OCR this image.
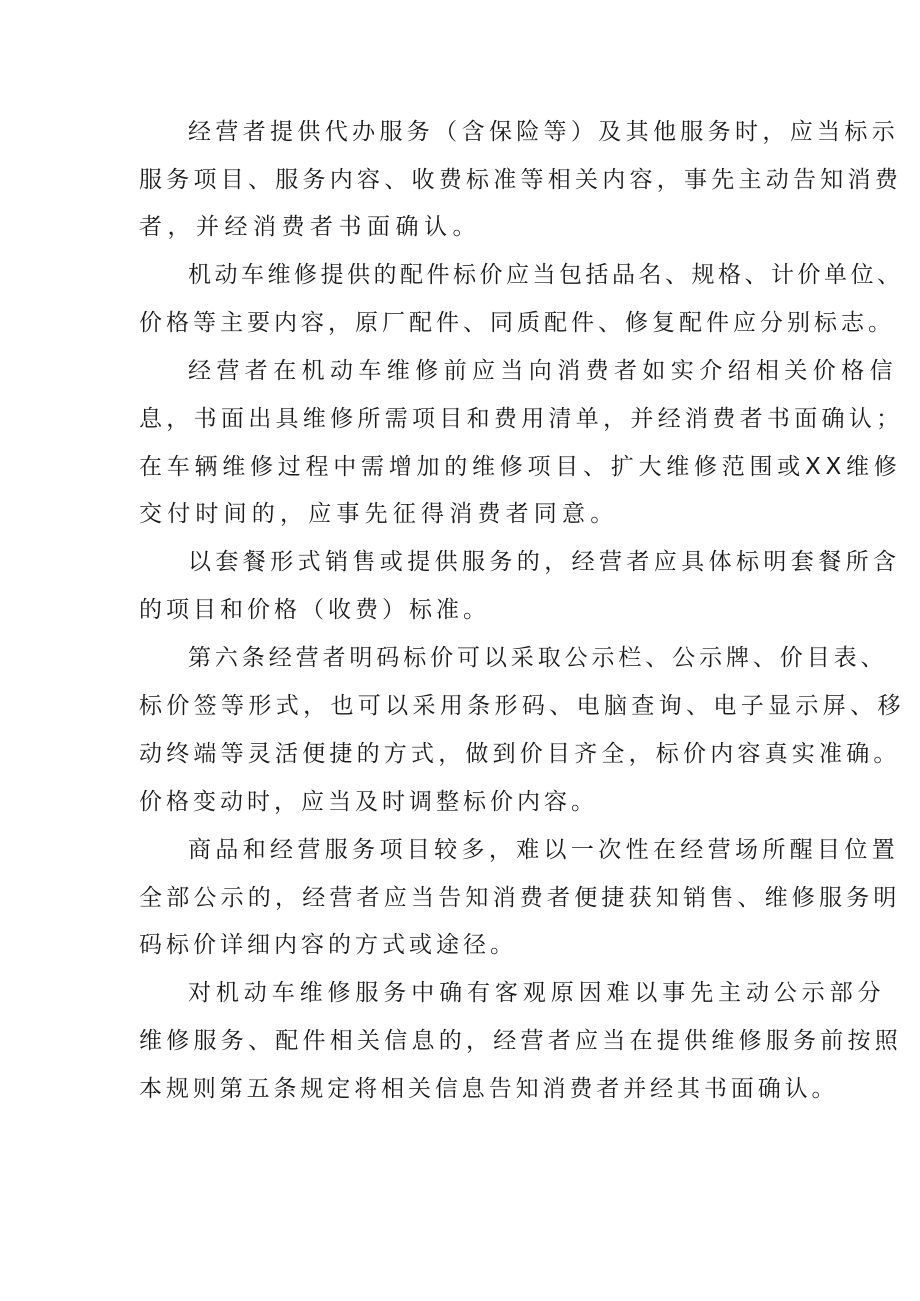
经营者提供代办服务（含保险等）及其他服务时，应当标示
服务项目、服务内容、收费标准等相关内容，事先主动告知消费
者，并经消费者书面确认。
机动车维修提供的配件标价应当包括品名、规格、计价单位、
价格等主要内容，原厂配件、同质配件、修复配件应分别标志。
经营者在机动车维修前应当向消费者如实介绍相关价格信
息，书面出具维修所需项目和费用清单，并经消费者书面确认；
在车辆维修过程中需增加的维修项目、扩大维修范围或XX维修
交付时间的，应事先征得消费者同意。
以套餐形式销售或提供服务的，经营者应具体标明套餐所含
的项目和价格（收费）标准。
第六条经营者明码标价可以采取公示栏、公示牌、价目表、
标价签等形式，也可以采用条形码、电脑查询、电子显示屏、移
动终端等灵活便捷的方式，做到价目齐全，标价内容真实准确。
价格变动时，应当及时调整标价内容。
商品和经营服务项目较多，难以一次性在经营场所醒目位置
全部公示的，经营者应当告知消费者便捷获知销售、维修服务明
码标价详细内容的方式或途径。
对机动车维修服务中确有客观原因难以事先主动公示部分
维修服务、配件相关信息的，经营者应当在提供维修服务前按照
本规则第五条规定将相关信息告知消费者并经其书面确认。
